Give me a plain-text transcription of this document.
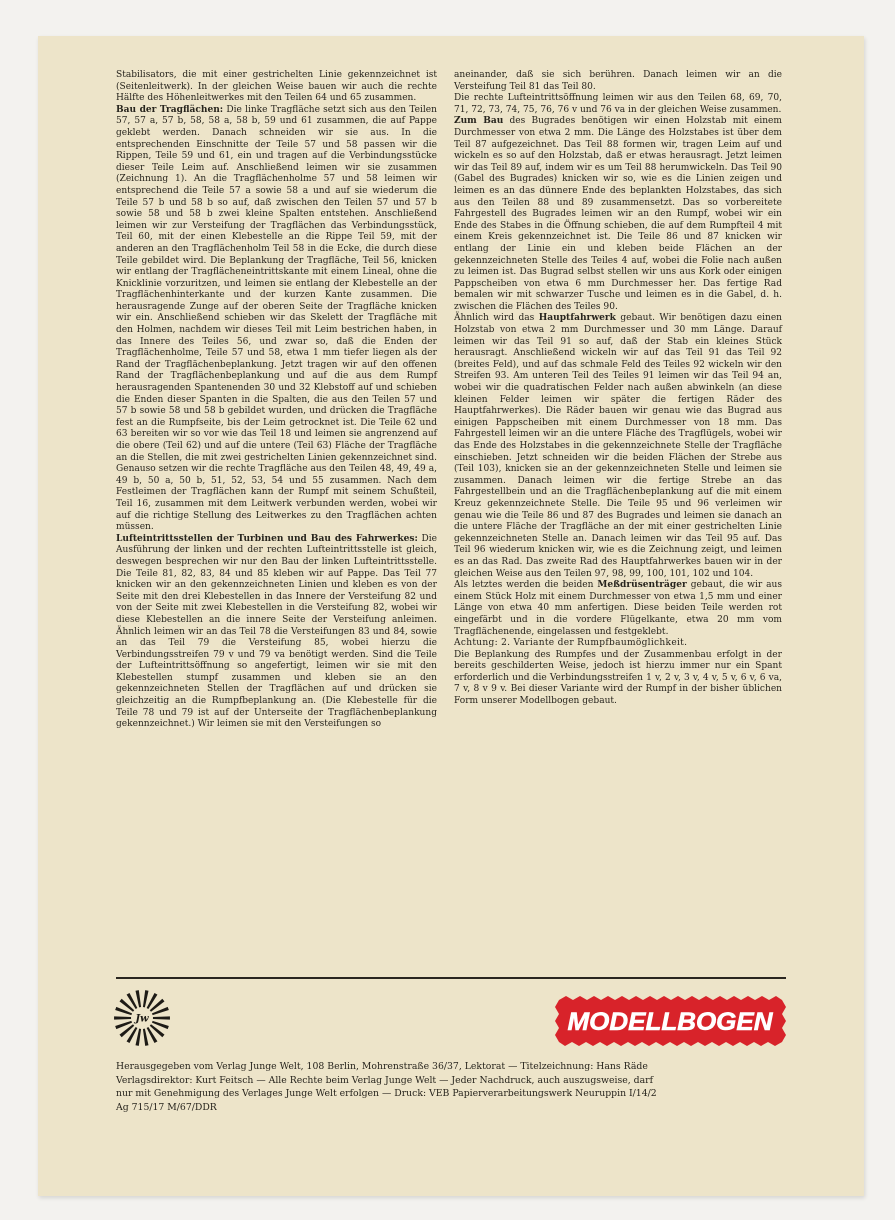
Stabilisators, die mit einer gestrichelten Linie gekennzeichnet ist (Seitenleitwerk). In der gleichen Weise bauen wir auch die rechte Hälfte des Höhenleitwerkes mit den Teilen 64 und 65 zusammen.

Bau der Tragflächen: Die linke Tragfläche setzt sich aus den Teilen 57, 57 a, 57 b, 58, 58 a, 58 b, 59 und 61 zusammen, die auf Pappe geklebt werden. Danach schneiden wir sie aus. In die entsprechenden Einschnitte der Teile 57 und 58 passen wir die Rippen, Teile 59 und 61, ein und tragen auf die Verbindungsstücke dieser Teile Leim auf. Anschließend leimen wir sie zusammen (Zeichnung 1). An die Tragflächenholme 57 und 58 leimen wir entsprechend die Teile 57 a sowie 58 a und auf sie wiederum die Teile 57 b und 58 b so auf, daß zwischen den Teilen 57 und 57 b sowie 58 und 58 b zwei kleine Spalten entstehen. Anschließend leimen wir zur Versteifung der Tragflächen das Verbindungsstück, Teil 60, mit der einen Klebestelle an die Rippe Teil 59, mit der anderen an den Tragflächenholm Teil 58 in die Ecke, die durch diese Teile gebildet wird. Die Beplankung der Tragfläche, Teil 56, knicken wir entlang der Tragflächeneintrittskante mit einem Lineal, ohne die Knicklinie vorzuritzen, und leimen sie entlang der Klebestelle an der Tragflächenhinterkante und der kurzen Kante zusammen. Die herausragende Zunge auf der oberen Seite der Tragfläche knicken wir ein. Anschließend schieben wir das Skelett der Tragfläche mit den Holmen, nachdem wir dieses Teil mit Leim bestrichen haben, in das Innere des Teiles 56, und zwar so, daß die Enden der Tragflächenholme, Teile 57 und 58, etwa 1 mm tiefer liegen als der Rand der Tragflächenbeplankung. Jetzt tragen wir auf den offenen Rand der Tragflächenbeplankung und auf die aus dem Rumpf herausragenden Spantenenden 30 und 32 Klebstoff auf und schieben die Enden dieser Spanten in die Spalten, die aus den Teilen 57 und 57 b sowie 58 und 58 b gebildet wurden, und drücken die Tragfläche fest an die Rumpfseite, bis der Leim getrocknet ist. Die Teile 62 und 63 bereiten wir so vor wie das Teil 18 und leimen sie angrenzend auf die obere (Teil 62) und auf die untere (Teil 63) Fläche der Tragfläche an die Stellen, die mit zwei gestrichelten Linien gekennzeichnet sind. Genauso setzen wir die rechte Tragfläche aus den Teilen 48, 49, 49 a, 49 b, 50 a, 50 b, 51, 52, 53, 54 und 55 zusammen. Nach dem Festleimen der Tragflächen kann der Rumpf mit seinem Schußteil, Teil 16, zusammen mit dem Leitwerk verbunden werden, wobei wir auf die richtige Stellung des Leitwerkes zu den Tragflächen achten müssen.

Lufteintrittsstellen der Turbinen und Bau des Fahrwerkes: Die Ausführung der linken und der rechten Lufteintrittsstelle ist gleich, deswegen besprechen wir nur den Bau der linken Lufteintrittsstelle. Die Teile 81, 82, 83, 84 und 85 kleben wir auf Pappe. Das Teil 77 knicken wir an den gekennzeichneten Linien und kleben es von der Seite mit den drei Klebestellen in das Innere der Versteifung 82 und von der Seite mit zwei Klebestellen in die Versteifung 82, wobei wir diese Klebestellen an die innere Seite der Versteifung anleimen. Ähnlich leimen wir an das Teil 78 die Versteifungen 83 und 84, sowie an das Teil 79 die Versteifung 85, wobei hierzu die Verbindungsstreifen 79 v und 79 va benötigt werden. Sind die Teile der Lufteintrittsöffnung so angefertigt, leimen wir sie mit den Klebestellen stumpf zusammen und kleben sie an den gekennzeichneten Stellen der Tragflächen auf und drücken sie gleichzeitig an die Rumpfbeplankung an. (Die Klebestelle für die Teile 78 und 79 ist auf der Unterseite der Tragflächenbeplankung gekennzeichnet.) Wir leimen sie mit den Versteifungen so

aneinander, daß sie sich berühren. Danach leimen wir an die Versteifung Teil 81 das Teil 80.

Die rechte Lufteintrittsöffnung leimen wir aus den Teilen 68, 69, 70, 71, 72, 73, 74, 75, 76, 76 v und 76 va in der gleichen Weise zusammen.

Zum Bau des Bugrades benötigen wir einen Holzstab mit einem Durchmesser von etwa 2 mm. Die Länge des Holzstabes ist über dem Teil 87 aufgezeichnet. Das Teil 88 formen wir, tragen Leim auf und wickeln es so auf den Holzstab, daß er etwas herausragt. Jetzt leimen wir das Teil 89 auf, indem wir es um Teil 88 herumwickeln. Das Teil 90 (Gabel des Bugrades) knicken wir so, wie es die Linien zeigen und leimen es an das dünnere Ende des beplankten Holzstabes, das sich aus den Teilen 88 und 89 zusammensetzt. Das so vorbereitete Fahrgestell des Bugrades leimen wir an den Rumpf, wobei wir ein Ende des Stabes in die Öffnung schieben, die auf dem Rumpfteil 4 mit einem Kreis gekennzeichnet ist. Die Teile 86 und 87 knicken wir entlang der Linie ein und kleben beide Flächen an der gekennzeichneten Stelle des Teiles 4 auf, wobei die Folie nach außen zu leimen ist. Das Bugrad selbst stellen wir uns aus Kork oder einigen Pappscheiben von etwa 6 mm Durchmesser her. Das fertige Rad bemalen wir mit schwarzer Tusche und leimen es in die Gabel, d. h. zwischen die Flächen des Teiles 90.

Ähnlich wird das Hauptfahrwerk gebaut. Wir benötigen dazu einen Holzstab von etwa 2 mm Durchmesser und 30 mm Länge. Darauf leimen wir das Teil 91 so auf, daß der Stab ein kleines Stück herausragt. Anschließend wickeln wir auf das Teil 91 das Teil 92 (breites Feld), und auf das schmale Feld des Teiles 92 wickeln wir den Streifen 93. Am unteren Teil des Teiles 91 leimen wir das Teil 94 an, wobei wir die quadratischen Felder nach außen abwinkeln (an diese kleinen Felder leimen wir später die fertigen Räder des Hauptfahrwerkes). Die Räder bauen wir genau wie das Bugrad aus einigen Pappscheiben mit einem Durchmesser von 18 mm. Das Fahrgestell leimen wir an die untere Fläche des Tragflügels, wobei wir das Ende des Holzstabes in die gekennzeichnete Stelle der Tragfläche einschieben. Jetzt schneiden wir die beiden Flächen der Strebe aus (Teil 103), knicken sie an der gekennzeichneten Stelle und leimen sie zusammen. Danach leimen wir die fertige Strebe an das Fahrgestellbein und an die Tragflächenbeplankung auf die mit einem Kreuz gekennzeichnete Stelle. Die Teile 95 und 96 verleimen wir genau wie die Teile 86 und 87 des Bugrades und leimen sie danach an die untere Fläche der Tragfläche an der mit einer gestrichelten Linie gekennzeichneten Stelle an. Danach leimen wir das Teil 95 auf. Das Teil 96 wiederum knicken wir, wie es die Zeichnung zeigt, und leimen es an das Rad. Das zweite Rad des Hauptfahrwerkes bauen wir in der gleichen Weise aus den Teilen 97, 98, 99, 100, 101, 102 und 104.

Als letztes werden die beiden Meßdrüsenträger gebaut, die wir aus einem Stück Holz mit einem Durchmesser von etwa 1,5 mm und einer Länge von etwa 40 mm anfertigen. Diese beiden Teile werden rot eingefärbt und in die vordere Flügelkante, etwa 20 mm vom Tragflächenende, eingelassen und festgeklebt.

Achtung: 2. Variante der Rumpfbaumöglichkeit.

Die Beplankung des Rumpfes und der Zusammenbau erfolgt in der bereits geschilderten Weise, jedoch ist hierzu immer nur ein Spant erforderlich und die Verbindungsstreifen 1 v, 2 v, 3 v, 4 v, 5 v, 6 v, 6 va, 7 v, 8 v 9 v. Bei dieser Variante wird der Rumpf in der bisher üblichen Form unserer Modellbogen gebaut.

Jw	MODELLBOGEN
Herausgegeben vom Verlag Junge Welt, 108 Berlin, Mohrenstraße 36/37, Lektorat — Titelzeichnung: Hans Räde
Verlagsdirektor: Kurt Feitsch — Alle Rechte beim Verlag Junge Welt — Jeder Nachdruck, auch auszugsweise, darf
nur mit Genehmigung des Verlages Junge Welt erfolgen — Druck: VEB Papierverarbeitungswerk Neuruppin I/14/2
Ag 715/17 M/67/DDR
